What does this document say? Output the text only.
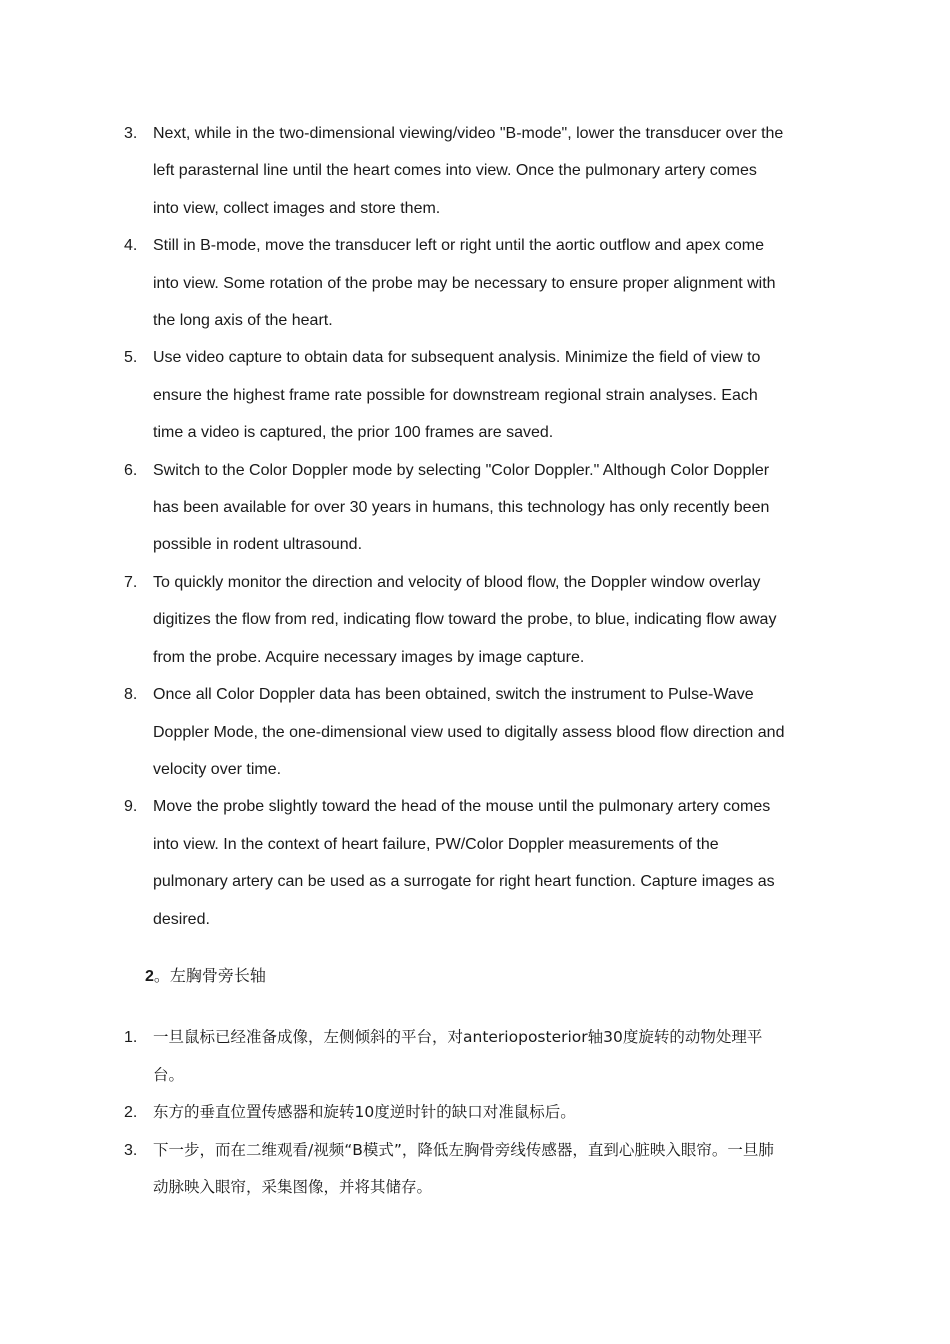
3. Next, while in the two-dimensional viewing/video "B-mode", lower the transducer over the left parasternal line until the heart comes into view. Once the pulmonary artery comes into view, collect images and store them.
4. Still in B-mode, move the transducer left or right until the aortic outflow and apex come into view. Some rotation of the probe may be necessary to ensure proper alignment with the long axis of the heart.
5. Use video capture to obtain data for subsequent analysis. Minimize the field of view to ensure the highest frame rate possible for downstream regional strain analyses. Each time a video is captured, the prior 100 frames are saved.
6. Switch to the Color Doppler mode by selecting "Color Doppler." Although Color Doppler has been available for over 30 years in humans, this technology has only recently been possible in rodent ultrasound.
7. To quickly monitor the direction and velocity of blood flow, the Doppler window overlay digitizes the flow from red, indicating flow toward the probe, to blue, indicating flow away from the probe. Acquire necessary images by image capture.
8. Once all Color Doppler data has been obtained, switch the instrument to Pulse-Wave Doppler Mode, the one-dimensional view used to digitally assess blood flow direction and velocity over time.
9. Move the probe slightly toward the head of the mouse until the pulmonary artery comes into view. In the context of heart failure, PW/Color Doppler measurements of the pulmonary artery can be used as a surrogate for right heart function. Capture images as desired.
2。左胸骨旁长轴
1.	一旦鼠标已经准备成像，左侧倾斜的平台，对anterioposterior轴30度旋转的动物处理平台。
2.	东方的垂直位置传感器和旋转10度逆时针的缺口对准鼠标后。
3.	下一步，而在二维观看/视频“B模式”，降低左胸骨旁线传感器，直到心脏映入眼帘。一旦肺动脉映入眼帘，采集图像，并将其储存。
